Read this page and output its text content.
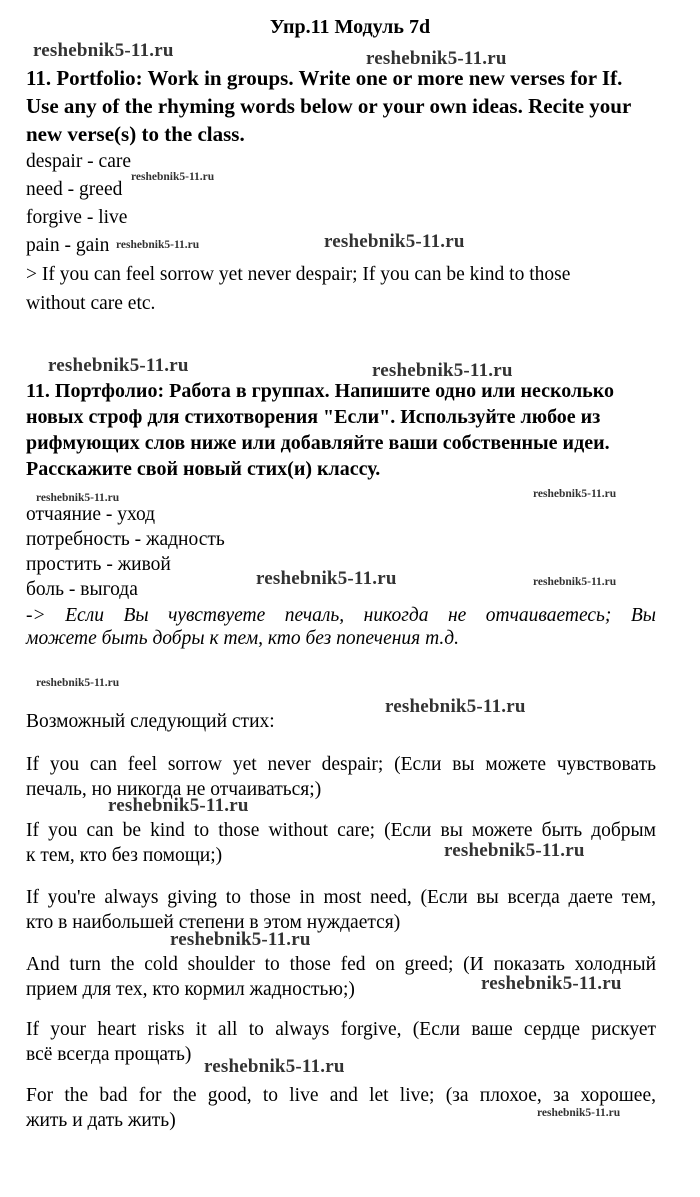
Упр.11 Модуль 7d
11. Portfolio: Work in groups. Write one or more new verses for If.
Use any of the rhyming words below or your own ideas. Recite your
new verse(s) to the class.
despair - care
need - greed
forgive - live
pain - gain
> If you can feel sorrow yet never despair; If you can be kind to those
without care etc.
11. Портфолио: Работа в группах. Напишите одно или несколько
новых строф для стихотворения "Если". Используйте любое из
рифмующих слов ниже или добавляйте ваши собственные идеи.
Расскажите свой новый стих(и) классу.
отчаяние - уход
потребность - жадность
простить - живой
боль - выгода
-> Если Вы чувствуете печаль, никогда не отчаиваетесь; Вы
можете быть добры к тем, кто без попечения т.д.
Возможный следующий стих:
If you can feel sorrow yet never despair; (Если вы можете чувствовать
печаль, но никогда не отчаиваться;)
If you can be kind to those without care; (Если вы можете быть добрым
к тем, кто без помощи;)
If you're always giving to those in most need, (Если вы всегда даете тем,
кто в наибольшей степени в этом нуждается)
And turn the cold shoulder to those fed on greed; (И показать холодный
прием для тех, кто кормил жадностью;)
If your heart risks it all to always forgive, (Если ваше сердце рискует
всё всегда прощать)
For the bad for the good, to live and let live; (за плохое, за хорошее,
жить и дать жить)
reshebnik5-11.ru	reshebnik5-11.ru
reshebnik5-11.ru
reshebnik5-11.ru	reshebnik5-11.ru
reshebnik5-11.ru	reshebnik5-11.ru
reshebnik5-11.ru	reshebnik5-11.ru
reshebnik5-11.ru	reshebnik5-11.ru
reshebnik5-11.ru
reshebnik5-11.ru
reshebnik5-11.ru
reshebnik5-11.ru
reshebnik5-11.ru
reshebnik5-11.ru
reshebnik5-11.ru
reshebnik5-11.ru
